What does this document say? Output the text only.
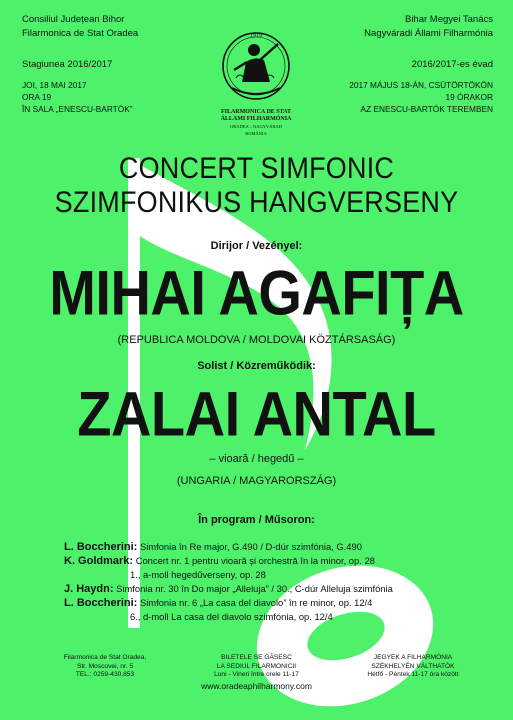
Consiliul Județean Bihor
Filarmonica de Stat Oradea
Stagiunea 2016/2017
JOI, 18 MAI 2017
ORA 19
ÎN SALA „ENESCU-BARTÓK”
Bihar Megyei Tanács
Nagyváradi Állami Filharmónia
2016/2017-es évad
2017 MÁJUS 18-ÁN, CSÜTÖRTÖKÖN
19 ÓRAKOR
AZ ENESCU-BARTÓK TEREMBEN
1919
FILARMONICA DE STAT
ÁLLAMI FILHARMÓNIA
ORADEA – NAGYVÁRAD
ROMÂNIA
CONCERT SIMFONIC
SZIMFONIKUS HANGVERSENY
Dirijor / Vezényel:
MIHAI AGAFIȚA
(REPUBLICA MOLDOVA / MOLDOVAI KÖZTÁRSASÁG)
Solist / Közreműködik:
ZALAI ANTAL
– vioară / hegedű –
(UNGARIA / MAGYARORSZÁG)
În program / Műsoron:
L. Boccherini: Simfonia în Re major, G.490 / D-dúr szimfónia, G.490
K. Goldmark: Concert nr. 1 pentru vioară și orchestră în la minor, op. 28
1., a-moll hegedűverseny, op. 28
J. Haydn: Simfonia nr. 30 în Do major „Alleluja” / 30., C-dúr Alleluja szimfónia
L. Boccherini: Simfonia nr. 6 „La casa del diavolo” în re minor, op. 12/4
6., d-moll La casa del diavolo szimfónia, op. 12/4
Filarmonica de Stat Oradea,
Str. Moscovei, nr. 5
TEL.: 0259-430.853
BILETELE SE GĂSESC
LA SEDIUL FILARMONICII
Luni - Vineri între orele 11-17
www.oradeaphilharmony.com
JEGYEK A FILHARMÓNIA
SZÉKHELYÉN VÁLTHATÓK
Hétfő - Péntek 11-17 óra között
